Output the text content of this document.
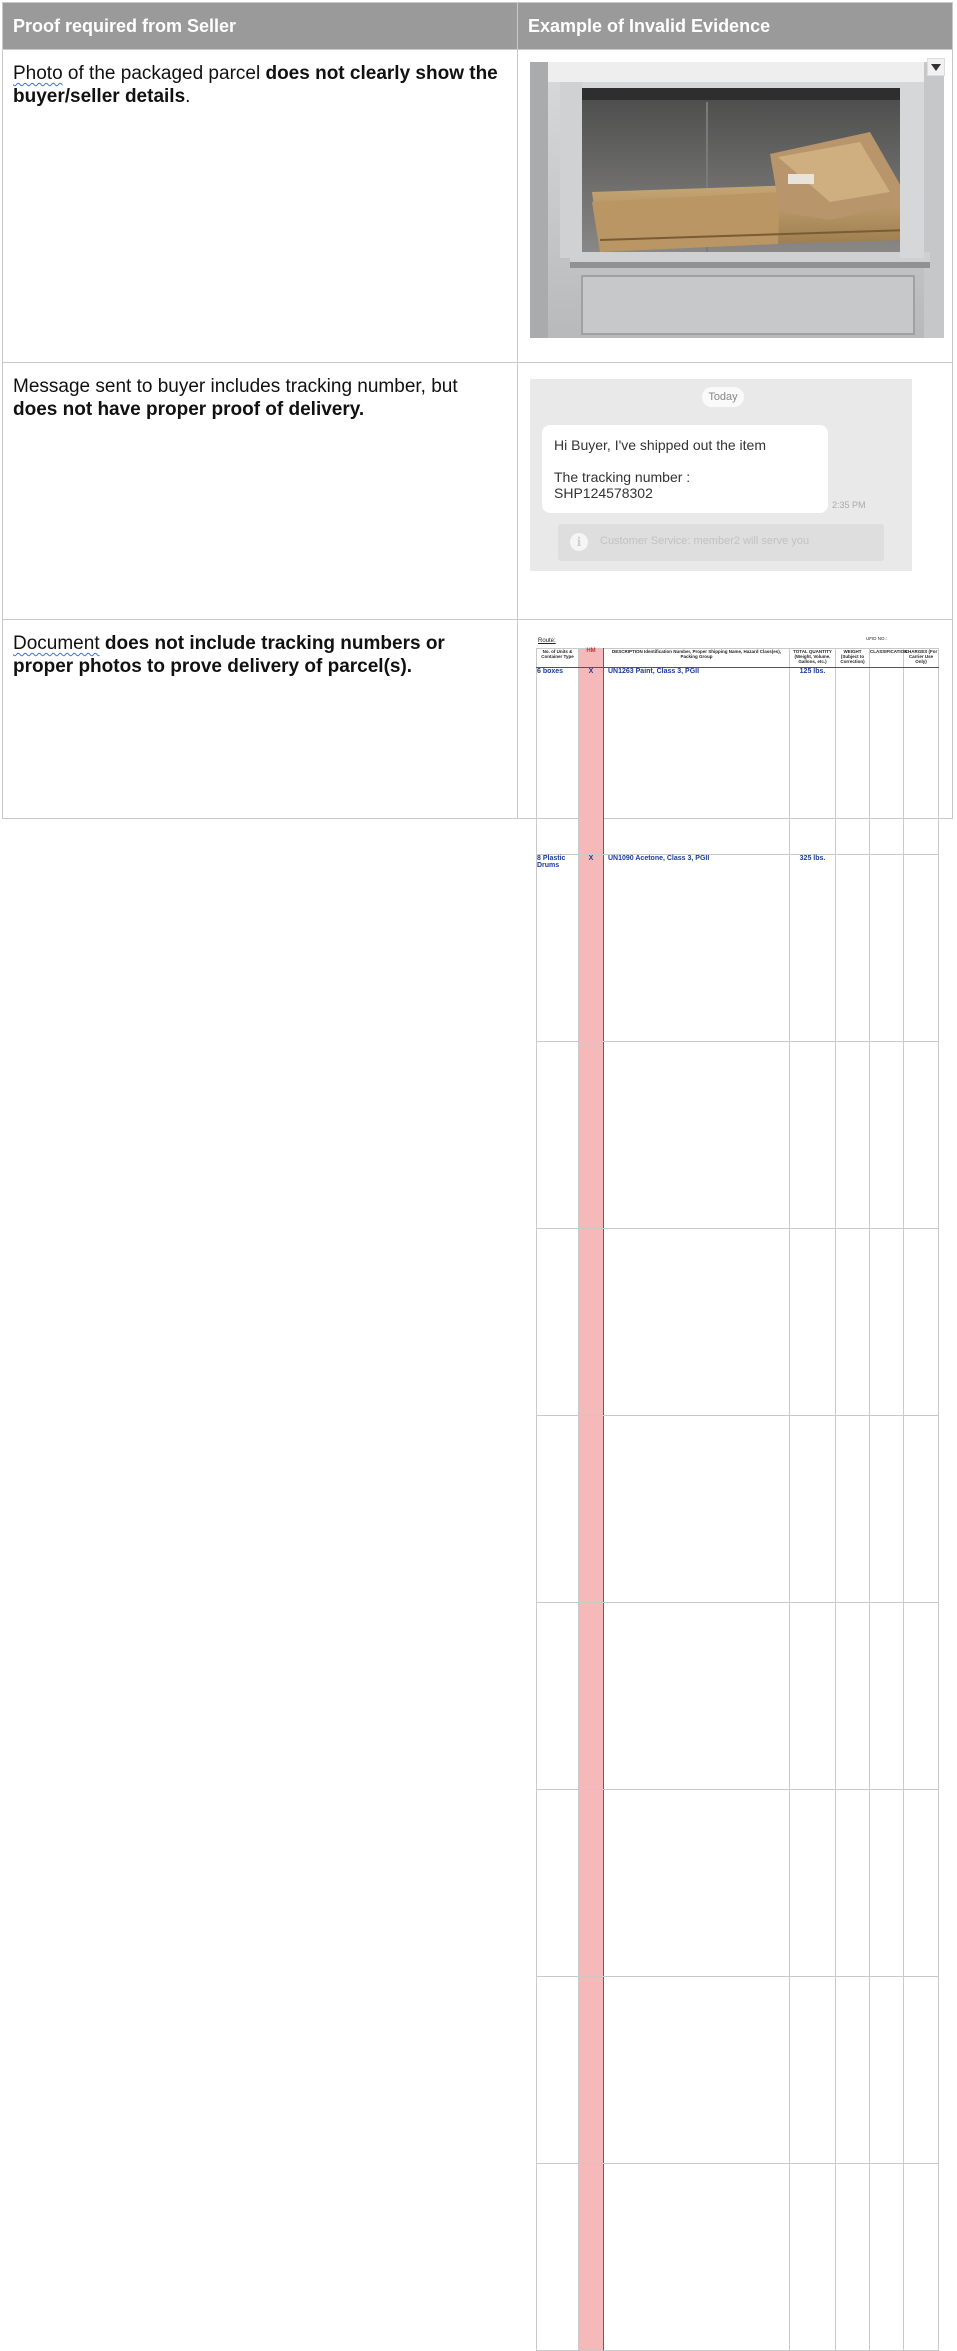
Proof required from Seller	Example of Invalid Evidence
Photo of the packaged parcel does not clearly show the buyer/seller details.	

Message sent to buyer includes tracking number, but does not have proper proof of delivery.	
Today
Hi Buyer, I've shipped out the item
The tracking number :
SHP124578302
2:35 PM
i	Customer Service: member2 will serve you

Document does not include tracking numbers or proper photos to prove delivery of parcel(s).	
Route:	UFID NO.:
No. of Units & Container Type	HM	DESCRIPTION Identification Number, Proper Shipping Name, Hazard Class(es), Packing Group	TOTAL QUANTITY (Weight, Volume, Gallons, etc.)	WEIGHT (Subject to Correction)	CLASSIFICATION	CHARGES (For Carrier Use Only)
6 boxes	X	UN1263 Paint, Class 3, PGII	125 lbs.			
8 Plastic Drums	X	UN1090 Acetone, Class 3, PGII	325 lbs.			
